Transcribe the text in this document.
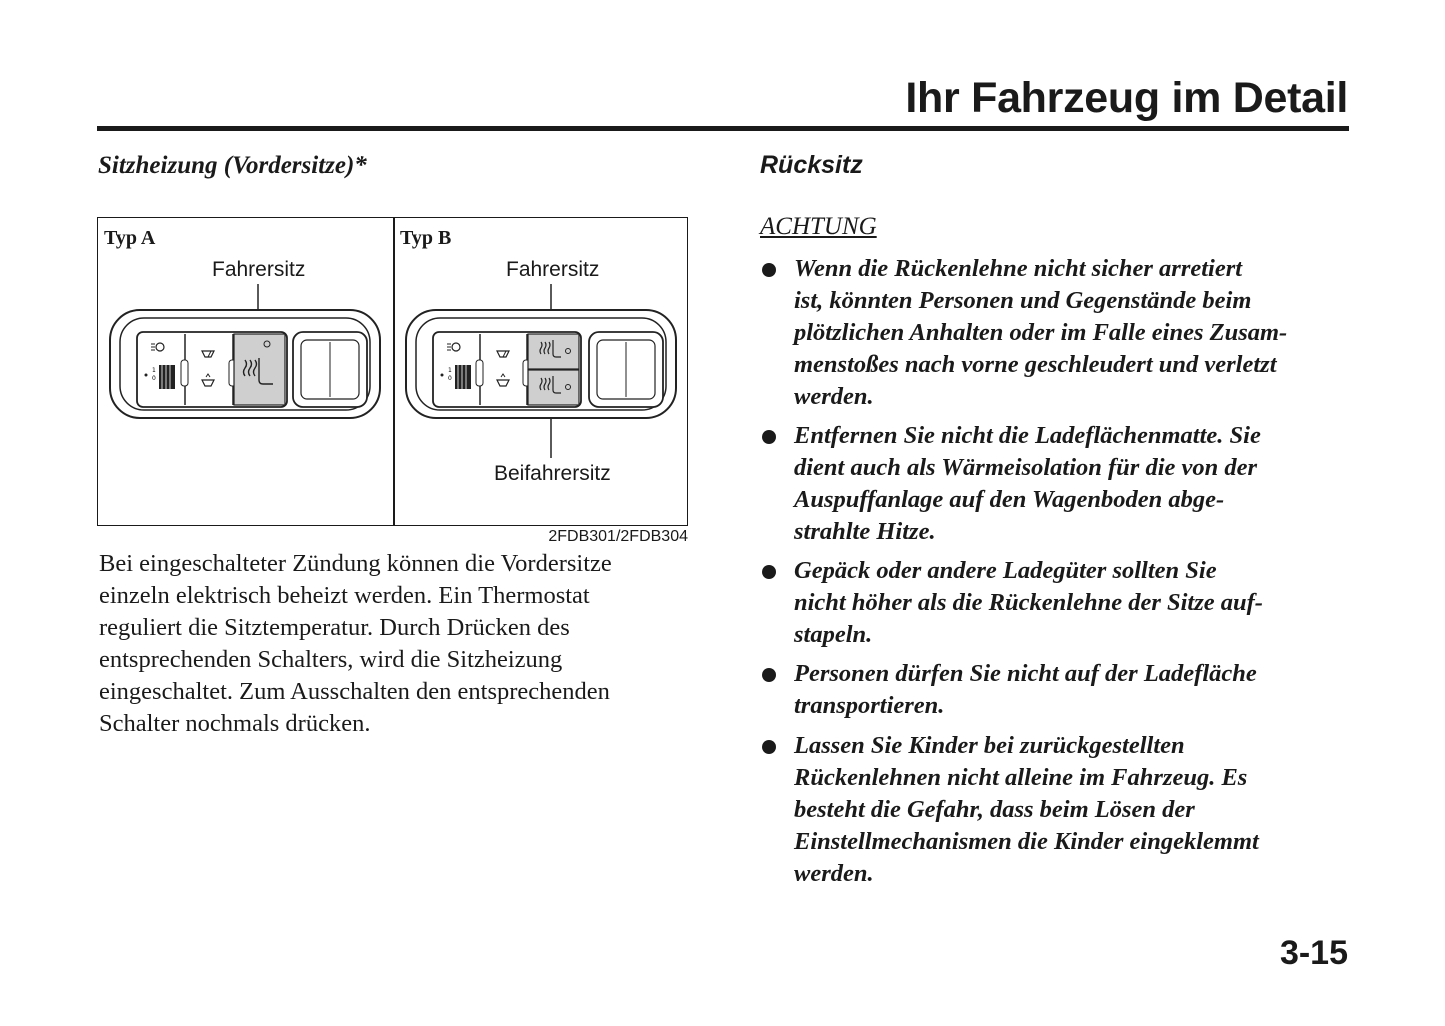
Ihr Fahrzeug im Detail
Sitzheizung (Vordersitze)*
Typ A
Fahrersitz
1
0
Typ B
Fahrersitz
Beifahrersitz
1
0
2FDB301/2FDB304
Bei eingeschalteter Zündung können die Vordersitze
einzeln elektrisch beheizt werden. Ein Thermostat
reguliert die Sitztemperatur. Durch Drücken des
entsprechenden Schalters, wird die Sitzheizung
eingeschaltet. Zum Ausschalten den entsprechenden
Schalter nochmals drücken.
Rücksitz
ACHTUNG
Wenn die Rückenlehne nicht sicher arretiert
ist, könnten Personen und Gegenstände beim
plötzlichen Anhalten oder im Falle eines Zusam-
menstoßes nach vorne geschleudert und verletzt
werden.
Entfernen Sie nicht die Ladeflächenmatte. Sie
dient auch als Wärmeisolation für die von der
Auspuffanlage auf den Wagenboden abge-
strahlte Hitze.
Gepäck oder andere Ladegüter sollten Sie
nicht höher als die Rückenlehne der Sitze auf-
stapeln.
Personen dürfen Sie nicht auf der Ladefläche
transportieren.
Lassen Sie Kinder bei zurückgestellten
Rückenlehnen nicht alleine im Fahrzeug. Es
besteht die Gefahr, dass beim Lösen der
Einstellmechanismen die Kinder eingeklemmt
werden.
3-15
